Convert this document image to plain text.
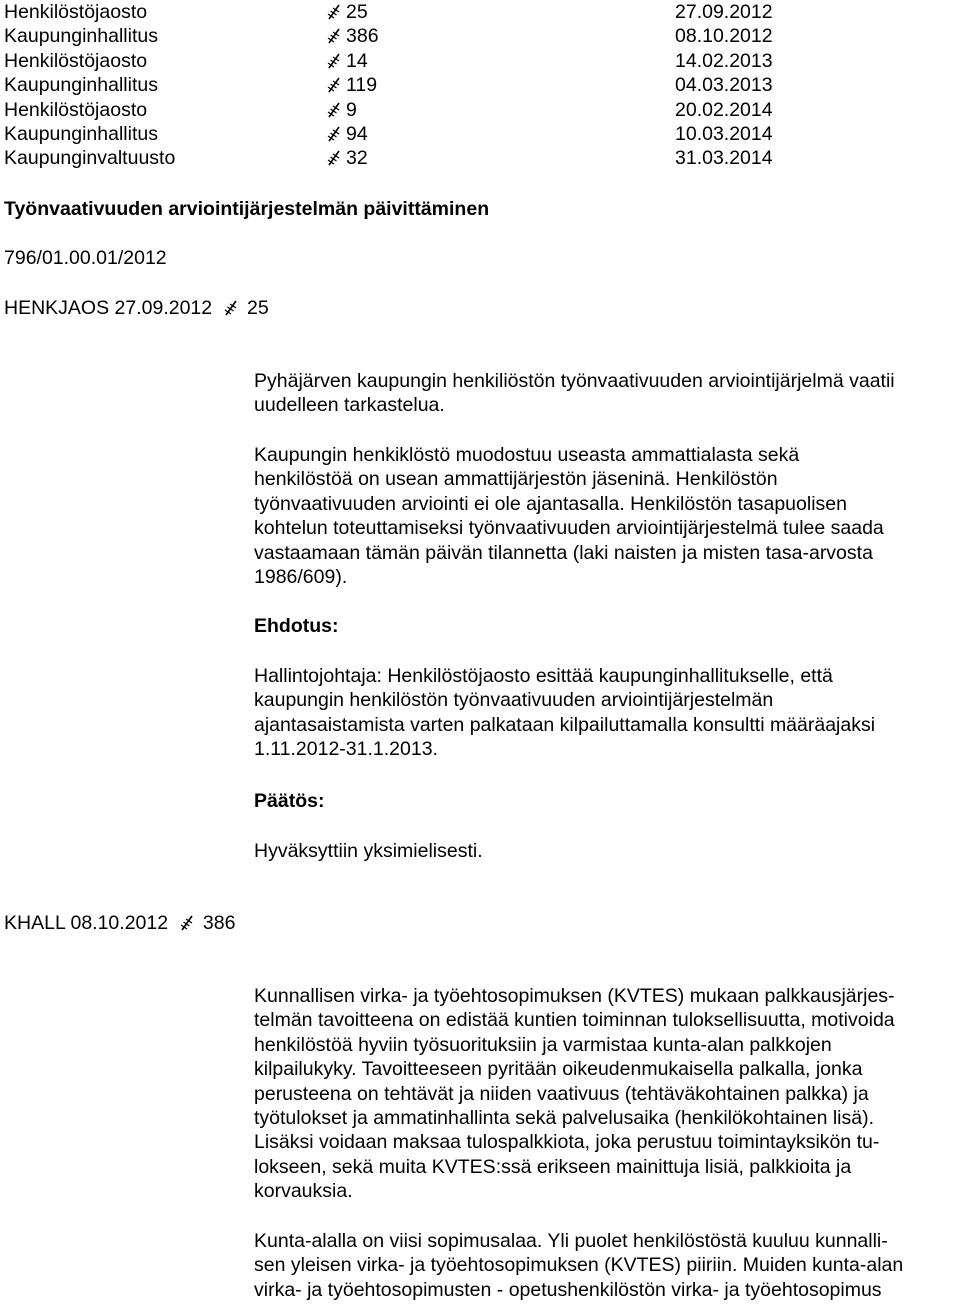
Henkilöstöjaosto	25	27.09.2012
Kaupunginhallitus	386	08.10.2012
Henkilöstöjaosto	14	14.02.2013
Kaupunginhallitus	119	04.03.2013
Henkilöstöjaosto	9	20.02.2014
Kaupunginhallitus	94	10.03.2014
Kaupunginvaltuusto	32	31.03.2014
Työnvaativuuden arviointijärjestelmän päivittäminen
796/01.00.01/2012
HENKJAOS 27.09.2012 25
Pyhäjärven kaupungin henkiliöstön työnvaativuuden arviointijärjelmä vaatii
uudelleen tarkastelua.
Kaupungin henkiklöstö muodostuu useasta ammattialasta sekä
henkilöstöä on usean ammattijärjestön jäseninä. Henkilöstön
työnvaativuuden arviointi ei ole ajantasalla. Henkilöstön tasapuolisen
kohtelun toteuttamiseksi työnvaativuuden arviointijärjestelmä tulee saada
vastaamaan tämän päivän tilannetta (laki naisten ja misten tasa-arvosta
1986/609).
Ehdotus:
Hallintojohtaja: Henkilöstöjaosto esittää kaupunginhallitukselle, että
kaupungin henkilöstön työnvaativuuden arviointijärjestelmän
ajantasaistamista varten palkataan kilpailuttamalla konsultti määräajaksi
1.11.2012-31.1.2013.
Päätös:
Hyväksyttiin yksimielisesti.
KHALL 08.10.2012 386
Kunnallisen virka- ja työehtosopimuksen (KVTES) mukaan palkkausjärjes-
telmän tavoitteena on edistää kuntien toiminnan tuloksellisuutta, motivoida
henkilöstöä hyviin työsuorituksiin ja varmistaa kunta-alan palkkojen
kilpailukyky. Tavoitteeseen pyritään oikeudenmukaisella palkalla, jonka
perusteena on tehtävät ja niiden vaativuus (tehtäväkohtainen palkka) ja
työtulokset ja ammatinhallinta sekä palvelusaika (henkilökohtainen lisä).
Lisäksi voidaan maksaa tulospalkkiota, joka perustuu toimintayksikön tu-
lokseen, sekä muita KVTES:ssä erikseen mainittuja lisiä, palkkioita ja
korvauksia.
Kunta-alalla on viisi sopimusalaa. Yli puolet henkilöstöstä kuuluu kunnalli-
sen yleisen virka- ja työehtosopimuksen (KVTES) piiriin. Muiden kunta-alan
virka- ja työehtosopimusten - opetushenkilöstön virka- ja työehtosopimus
